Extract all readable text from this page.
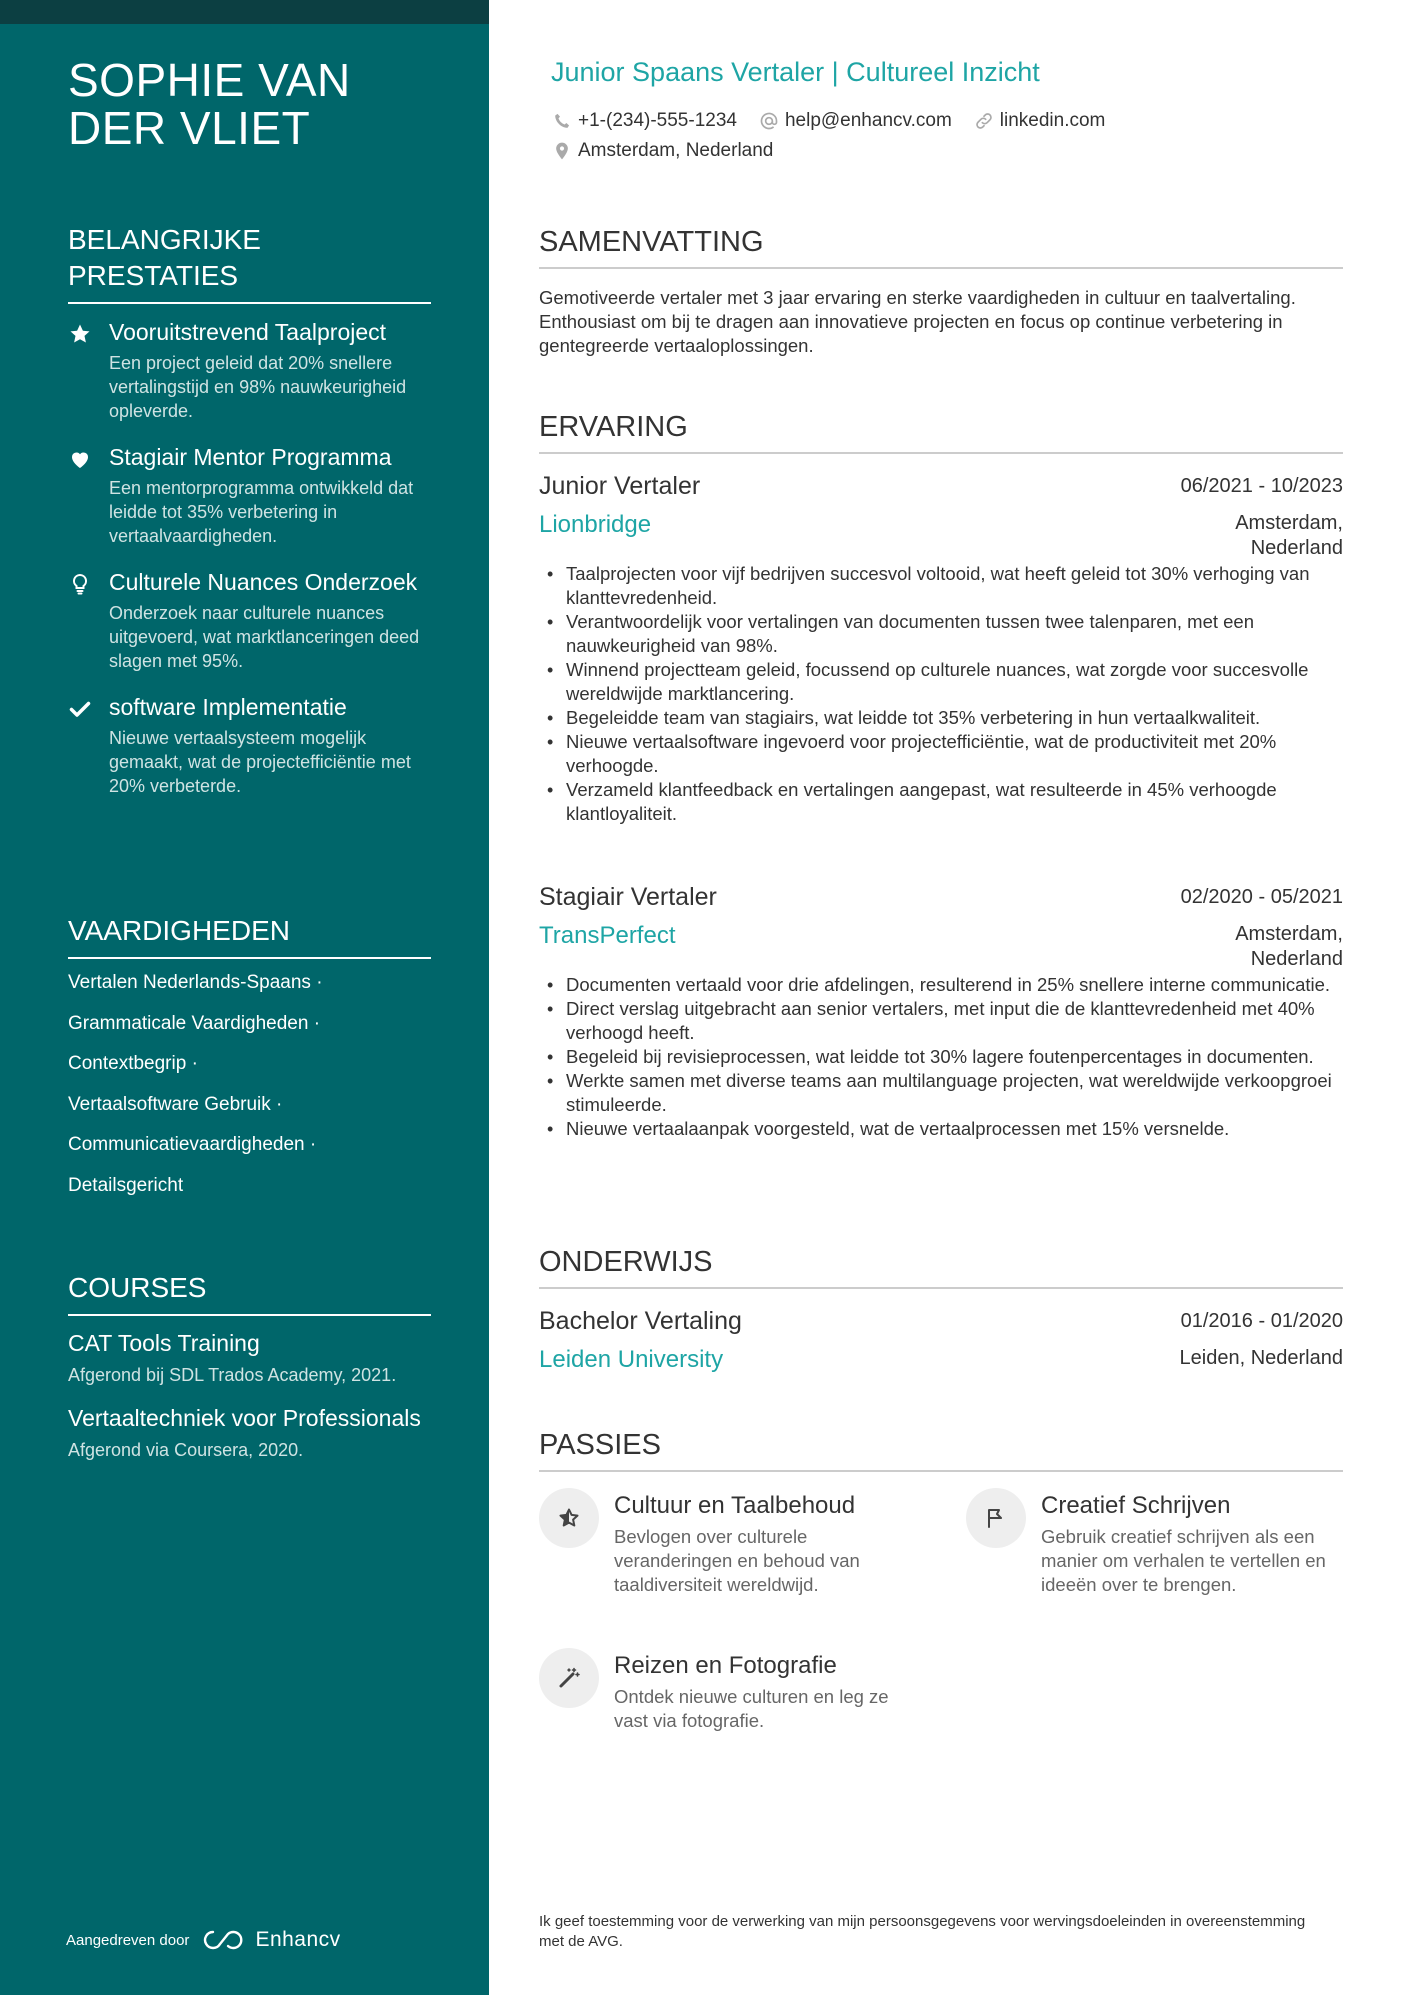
SOPHIE VAN DER VLIET
BELANGRIJKE PRESTATIES
Vooruitstrevend Taalproject
Een project geleid dat 20% snellere vertalingstijd en 98% nauwkeurigheid opleverde.
Stagiair Mentor Programma
Een mentorprogramma ontwikkeld dat leidde tot 35% verbetering in vertaalvaardigheden.
Culturele Nuances Onderzoek
Onderzoek naar culturele nuances uitgevoerd, wat marktlanceringen deed slagen met 95%.
software Implementatie
Nieuwe vertaalsysteem mogelijk gemaakt, wat de projectefficiëntie met 20% verbeterde.
VAARDIGHEDEN
Vertalen Nederlands-Spaans ·
Grammaticale Vaardigheden ·
Contextbegrip ·
Vertaalsoftware Gebruik ·
Communicatievaardigheden ·
Detailsgericht
COURSES
CAT Tools Training
Afgerond bij SDL Trados Academy, 2021.
Vertaaltechniek voor Professionals
Afgerond via Coursera, 2020.
Aangedreven door	Enhancv
Junior Spaans Vertaler | Cultureel Inzicht
+1-(234)-555-1234	help@enhancv.com	linkedin.com
Amsterdam, Nederland
SAMENVATTING

Gemotiveerde vertaler met 3 jaar ervaring en sterke vaardigheden in cultuur en taalvertaling. Enthousiast om bij te dragen aan innovatieve projecten en focus op continue verbetering in gentegreerde vertaaloplossingen.

ERVARING
Junior Vertaler	06/2021 - 10/2023
Lionbridge	Amsterdam, Nederland
• Taalprojecten voor vijf bedrijven succesvol voltooid, wat heeft geleid tot 30% verhoging van klanttevredenheid.
• Verantwoordelijk voor vertalingen van documenten tussen twee talenparen, met een nauwkeurigheid van 98%.
• Winnend projectteam geleid, focussend op culturele nuances, wat zorgde voor succesvolle wereldwijde marktlancering.
• Begeleidde team van stagiairs, wat leidde tot 35% verbetering in hun vertaalkwaliteit.
• Nieuwe vertaalsoftware ingevoerd voor projectefficiëntie, wat de productiviteit met 20% verhoogde.
• Verzameld klantfeedback en vertalingen aangepast, wat resulteerde in 45% verhoogde klantloyaliteit.
Stagiair Vertaler	02/2020 - 05/2021
TransPerfect	Amsterdam, Nederland
• Documenten vertaald voor drie afdelingen, resulterend in 25% snellere interne communicatie.
• Direct verslag uitgebracht aan senior vertalers, met input die de klanttevredenheid met 40% verhoogd heeft.
• Begeleid bij revisieprocessen, wat leidde tot 30% lagere foutenpercentages in documenten.
• Werkte samen met diverse teams aan multilanguage projecten, wat wereldwijde verkoopgroei stimuleerde.
• Nieuwe vertaalaanpak voorgesteld, wat de vertaalprocessen met 15% versnelde.
ONDERWIJS
Bachelor Vertaling	01/2016 - 01/2020
Leiden University	Leiden, Nederland
PASSIES
Cultuur en Taalbehoud
Bevlogen over culturele veranderingen en behoud van taaldiversiteit wereldwijd.
Creatief Schrijven
Gebruik creatief schrijven als een manier om verhalen te vertellen en ideeën over te brengen.
Reizen en Fotografie
Ontdek nieuwe culturen en leg ze vast via fotografie.

Ik geef toestemming voor de verwerking van mijn persoonsgegevens voor wervingsdoeleinden in overeenstemming met de AVG.
